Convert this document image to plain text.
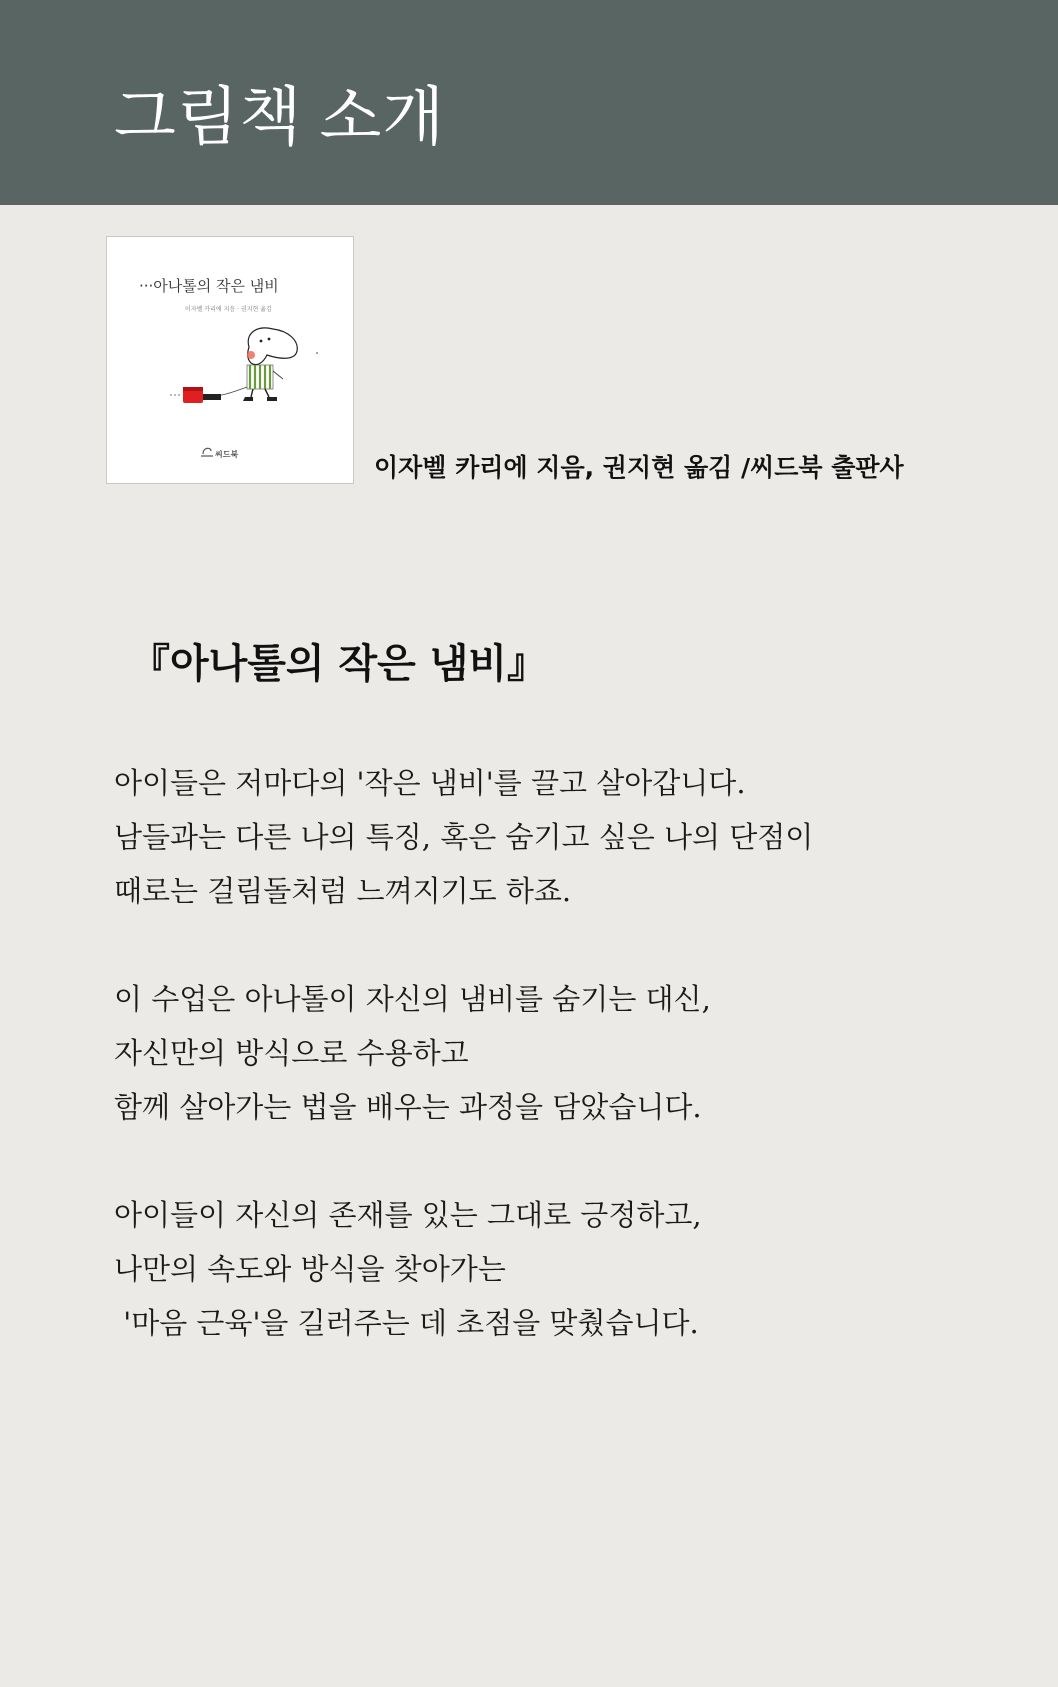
그림책 소개
···아나톨의 작은 냄비
이자벨 카리에 지음 · 권지현 옮김
씨드북	이자벨 카리에 지음, 권지현 옮김 /씨드북 출판사
『아나톨의 작은 냄비』

아이들은 저마다의 '작은 냄비'를 끌고 살아갑니다.
남들과는 다른 나의 특징, 혹은 숨기고 싶은 나의 단점이
때로는 걸림돌처럼 느껴지기도 하죠.

이 수업은 아나톨이 자신의 냄비를 숨기는 대신,
자신만의 방식으로 수용하고
함께 살아가는 법을 배우는 과정을 담았습니다.

아이들이 자신의 존재를 있는 그대로 긍정하고,
나만의 속도와 방식을 찾아가는
'마음 근육'을 길러주는 데 초점을 맞췄습니다.
